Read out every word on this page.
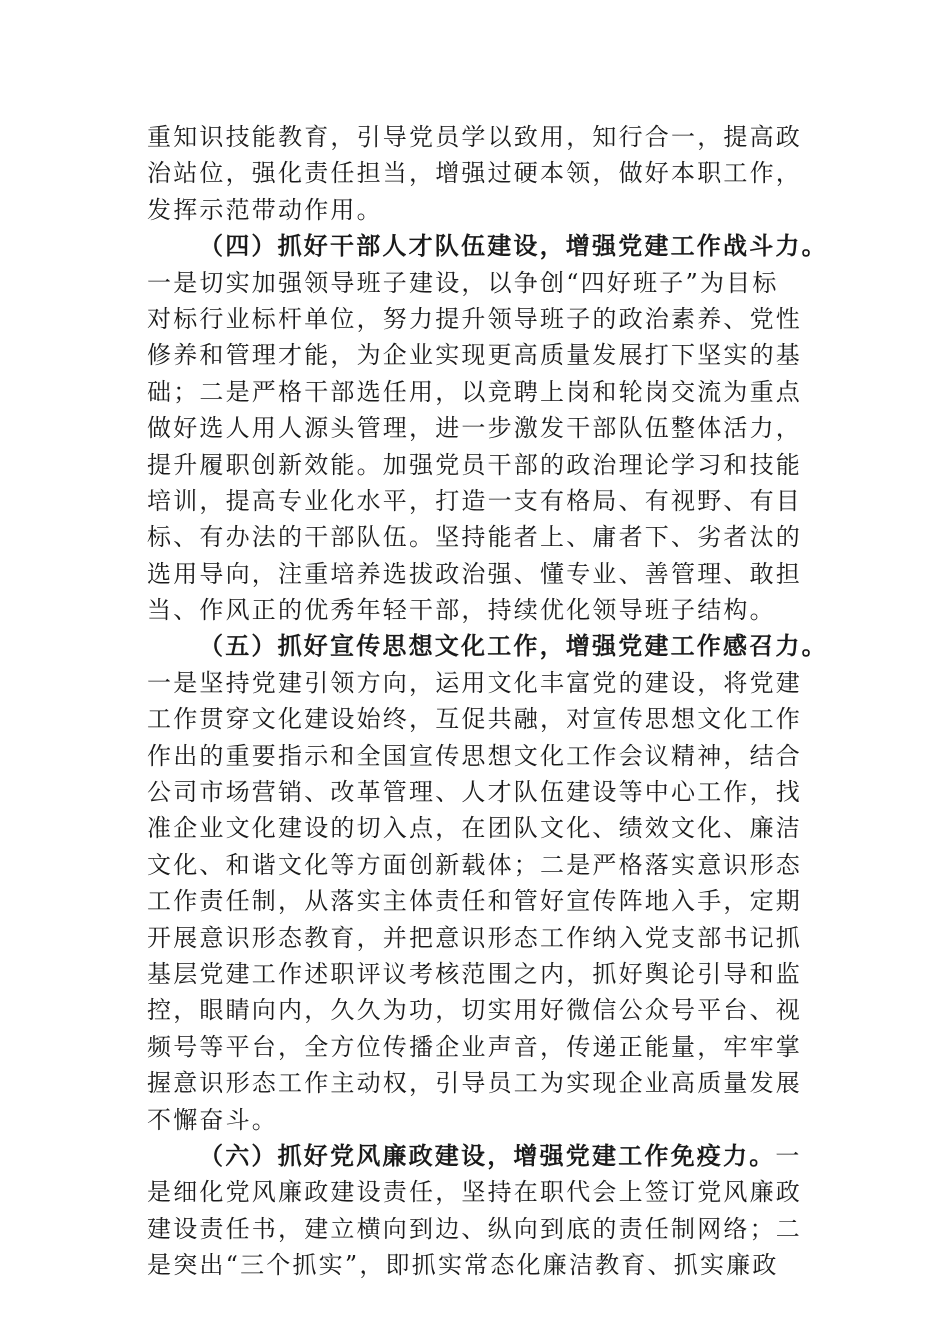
重知识技能教育，引导党员学以致用，知行合一，提高政
治站位，强化责任担当，增强过硬本领，做好本职工作，
发挥示范带动作用。
（四）抓好干部人才队伍建设，增强党建工作战斗力。
一是切实加强领导班子建设，以争创“四好班子”为目标
对标行业标杆单位，努力提升领导班子的政治素养、党性
修养和管理才能，为企业实现更高质量发展打下坚实的基
础；二是严格干部选任用，以竞聘上岗和轮岗交流为重点
做好选人用人源头管理，进一步激发干部队伍整体活力，
提升履职创新效能。加强党员干部的政治理论学习和技能
培训，提高专业化水平，打造一支有格局、有视野、有目
标、有办法的干部队伍。坚持能者上、庸者下、劣者汰的
选用导向，注重培养选拔政治强、懂专业、善管理、敢担
当、作风正的优秀年轻干部，持续优化领导班子结构。
（五）抓好宣传思想文化工作，增强党建工作感召力。
一是坚持党建引领方向，运用文化丰富党的建设，将党建
工作贯穿文化建设始终，互促共融，对宣传思想文化工作
作出的重要指示和全国宣传思想文化工作会议精神，结合
公司市场营销、改革管理、人才队伍建设等中心工作，找
准企业文化建设的切入点，在团队文化、绩效文化、廉洁
文化、和谐文化等方面创新载体；二是严格落实意识形态
工作责任制，从落实主体责任和管好宣传阵地入手，定期
开展意识形态教育，并把意识形态工作纳入党支部书记抓
基层党建工作述职评议考核范围之内，抓好舆论引导和监
控，眼睛向内，久久为功，切实用好微信公众号平台、视
频号等平台，全方位传播企业声音，传递正能量，牢牢掌
握意识形态工作主动权，引导员工为实现企业高质量发展
不懈奋斗。
（六）抓好党风廉政建设，增强党建工作免疫力。一
是细化党风廉政建设责任，坚持在职代会上签订党风廉政
建设责任书，建立横向到边、纵向到底的责任制网络；二
是突出“三个抓实”，即抓实常态化廉洁教育、抓实廉政
